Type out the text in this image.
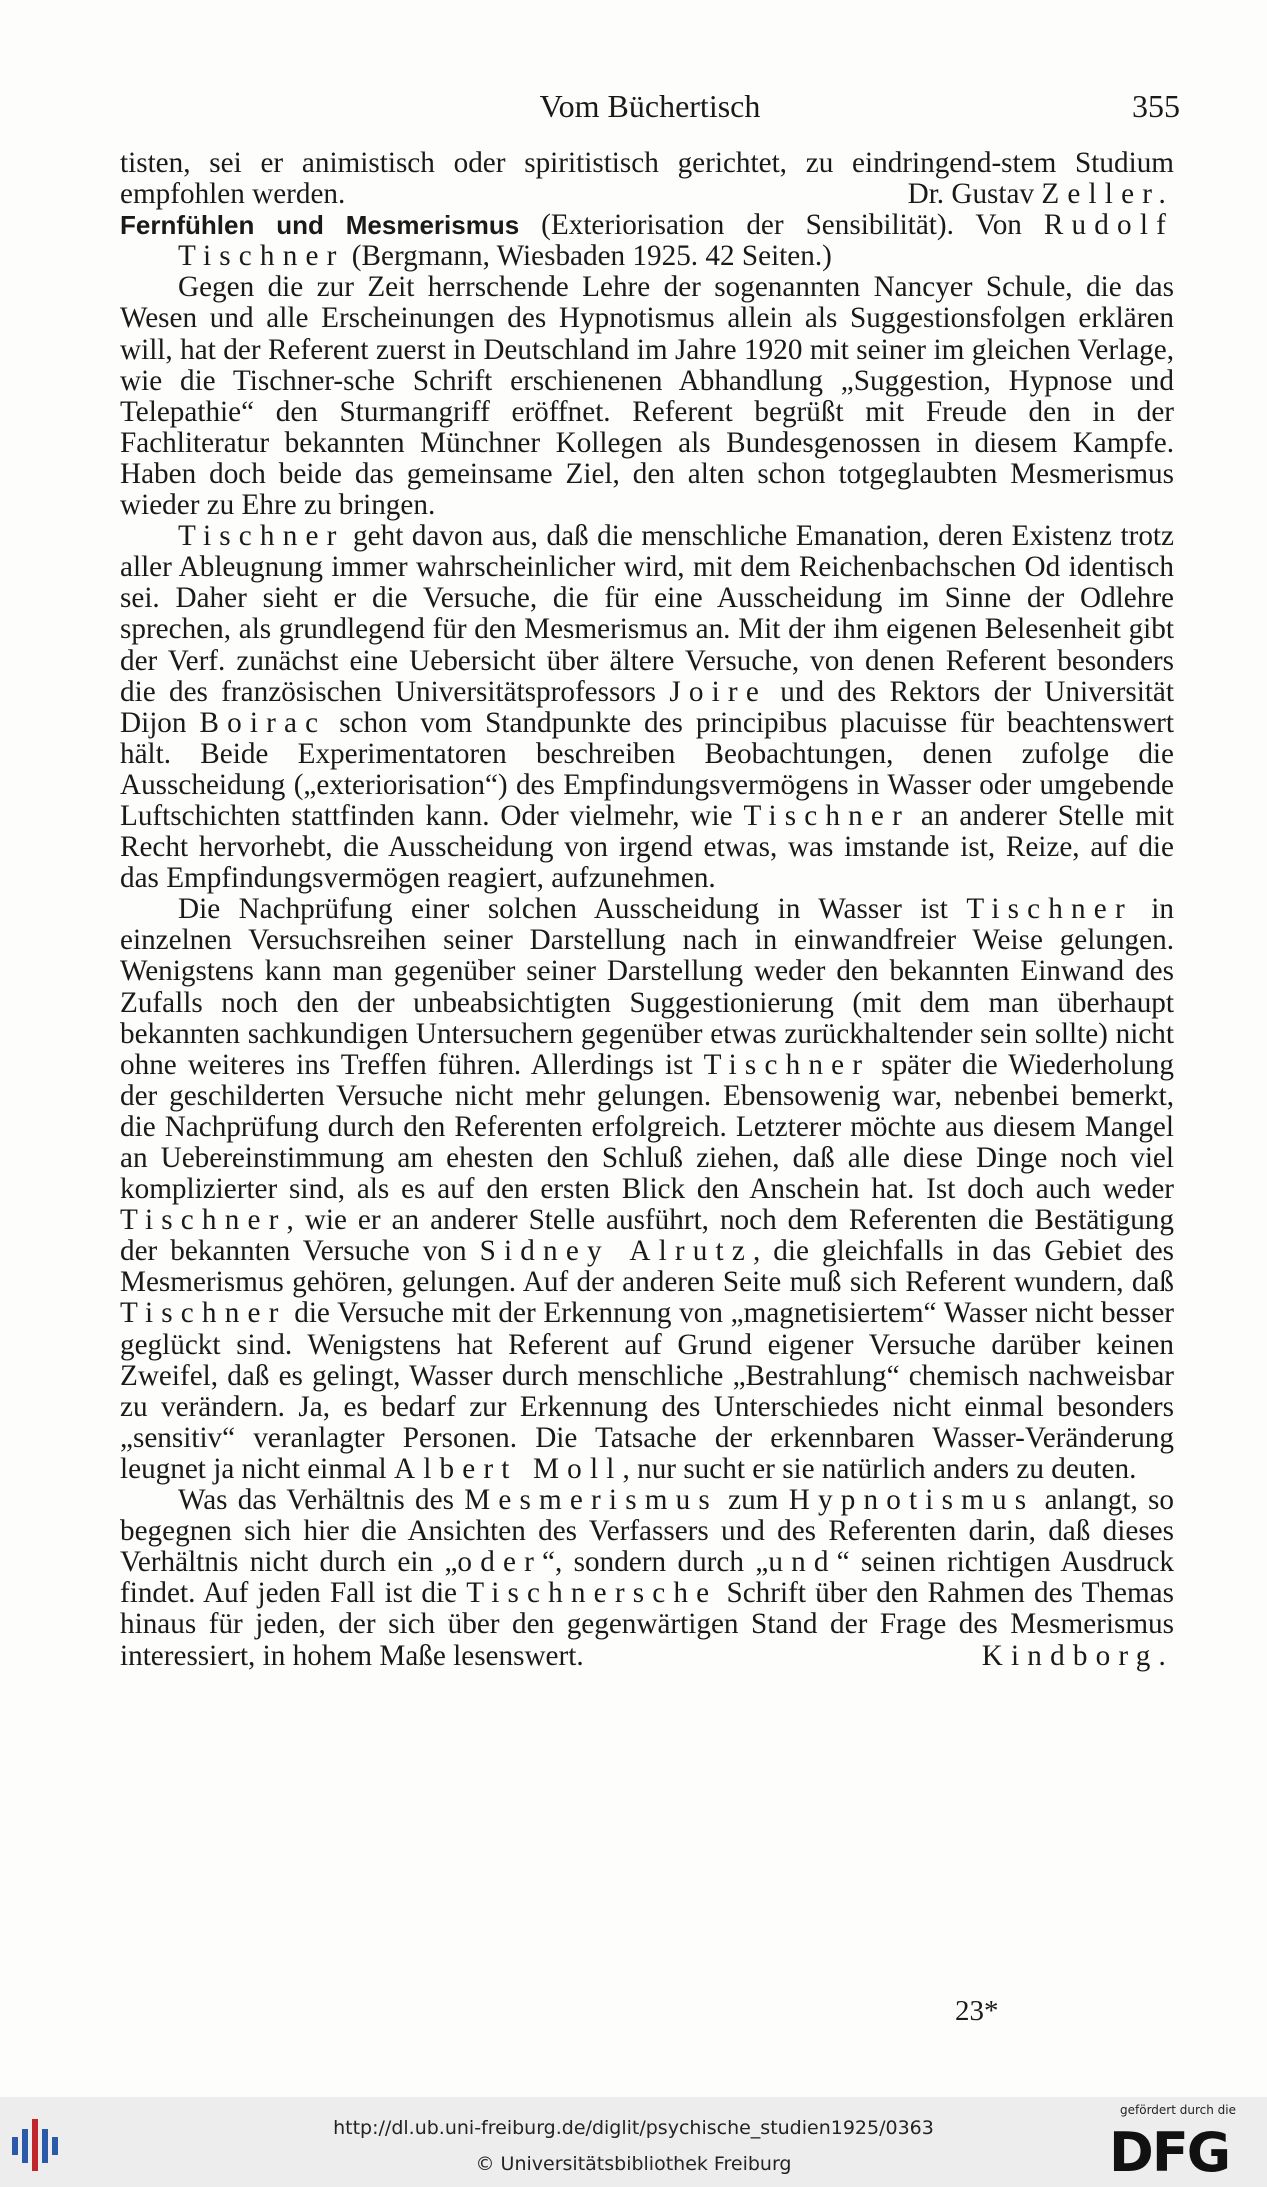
Vom Büchertisch	355

tisten, sei er animistisch oder spiritistisch gerichtet, zu eindringend-stem Studium empfohlen werden.	Dr. Gustav Zeller.

Fernfühlen und Mesmerismus (Exteriorisation der Sensibilität). Von Rudolf Tischner (Bergmann, Wiesbaden 1925. 42 Seiten.)

Gegen die zur Zeit herrschende Lehre der sogenannten Nancyer Schule, die das Wesen und alle Erscheinungen des Hypnotismus allein als Suggestionsfolgen erklären will, hat der Referent zuerst in Deutschland im Jahre 1920 mit seiner im gleichen Verlage, wie die Tischner-sche Schrift erschienenen Abhandlung „Suggestion, Hypnose und Telepathie“ den Sturmangriff eröffnet. Referent begrüßt mit Freude den in der Fachliteratur bekannten Münchner Kollegen als Bundesgenossen in diesem Kampfe. Haben doch beide das gemeinsame Ziel, den alten schon totgeglaubten Mesmerismus wieder zu Ehre zu bringen.

Tischner geht davon aus, daß die menschliche Emanation, deren Existenz trotz aller Ableugnung immer wahrscheinlicher wird, mit dem Reichenbachschen Od identisch sei. Daher sieht er die Versuche, die für eine Ausscheidung im Sinne der Odlehre sprechen, als grundlegend für den Mesmerismus an. Mit der ihm eigenen Belesenheit gibt der Verf. zunächst eine Uebersicht über ältere Versuche, von denen Referent besonders die des französischen Universitätsprofessors Joire und des Rektors der Universität Dijon Boirac schon vom Standpunkte des principibus placuisse für beachtenswert hält. Beide Experimentatoren beschreiben Beobachtungen, denen zufolge die Ausscheidung („exteriorisation“) des Empfindungsvermögens in Wasser oder umgebende Luftschichten stattfinden kann. Oder vielmehr, wie Tischner an anderer Stelle mit Recht hervorhebt, die Ausscheidung von irgend etwas, was imstande ist, Reize, auf die das Empfindungsvermögen reagiert, aufzunehmen.

Die Nachprüfung einer solchen Ausscheidung in Wasser ist Tischner in einzelnen Versuchsreihen seiner Darstellung nach in einwandfreier Weise gelungen. Wenigstens kann man gegenüber seiner Darstellung weder den bekannten Einwand des Zufalls noch den der unbeabsichtigten Suggestionierung (mit dem man überhaupt bekannten sachkundigen Untersuchern gegenüber etwas zurückhaltender sein sollte) nicht ohne weiteres ins Treffen führen. Allerdings ist Tischner später die Wiederholung der geschilderten Versuche nicht mehr gelungen. Ebensowenig war, nebenbei bemerkt, die Nachprüfung durch den Referenten erfolgreich. Letzterer möchte aus diesem Mangel an Uebereinstimmung am ehesten den Schluß ziehen, daß alle diese Dinge noch viel komplizierter sind, als es auf den ersten Blick den Anschein hat. Ist doch auch weder Tischner, wie er an anderer Stelle ausführt, noch dem Referenten die Bestätigung der bekannten Versuche von Sidney Alrutz, die gleichfalls in das Gebiet des Mesmerismus gehören, gelungen. Auf der anderen Seite muß sich Referent wundern, daß Tischner die Versuche mit der Erkennung von „magnetisiertem“ Wasser nicht besser geglückt sind. Wenigstens hat Referent auf Grund eigener Versuche darüber keinen Zweifel, daß es gelingt, Wasser durch menschliche „Bestrahlung“ chemisch nachweisbar zu verändern. Ja, es bedarf zur Erkennung des Unterschiedes nicht einmal besonders „sensitiv“ veranlagter Personen. Die Tatsache der erkennbaren Wasser-Veränderung leugnet ja nicht einmal Albert Moll, nur sucht er sie natürlich anders zu deuten.

Was das Verhältnis des Mesmerismus zum Hypnotismus anlangt, so begegnen sich hier die Ansichten des Verfassers und des Referenten darin, daß dieses Verhältnis nicht durch ein „oder“, sondern durch „und“ seinen richtigen Ausdruck findet. Auf jeden Fall ist die Tischnersche Schrift über den Rahmen des Themas hinaus für jeden, der sich über den gegenwärtigen Stand der Frage des Mesmerismus interessiert, in hohem Maße lesenswert.	Kindborg.

23*
http://dl.ub.uni-freiburg.de/diglit/psychische_studien1925/0363
© Universitätsbibliothek Freiburg
gefördert durch die
DFG
